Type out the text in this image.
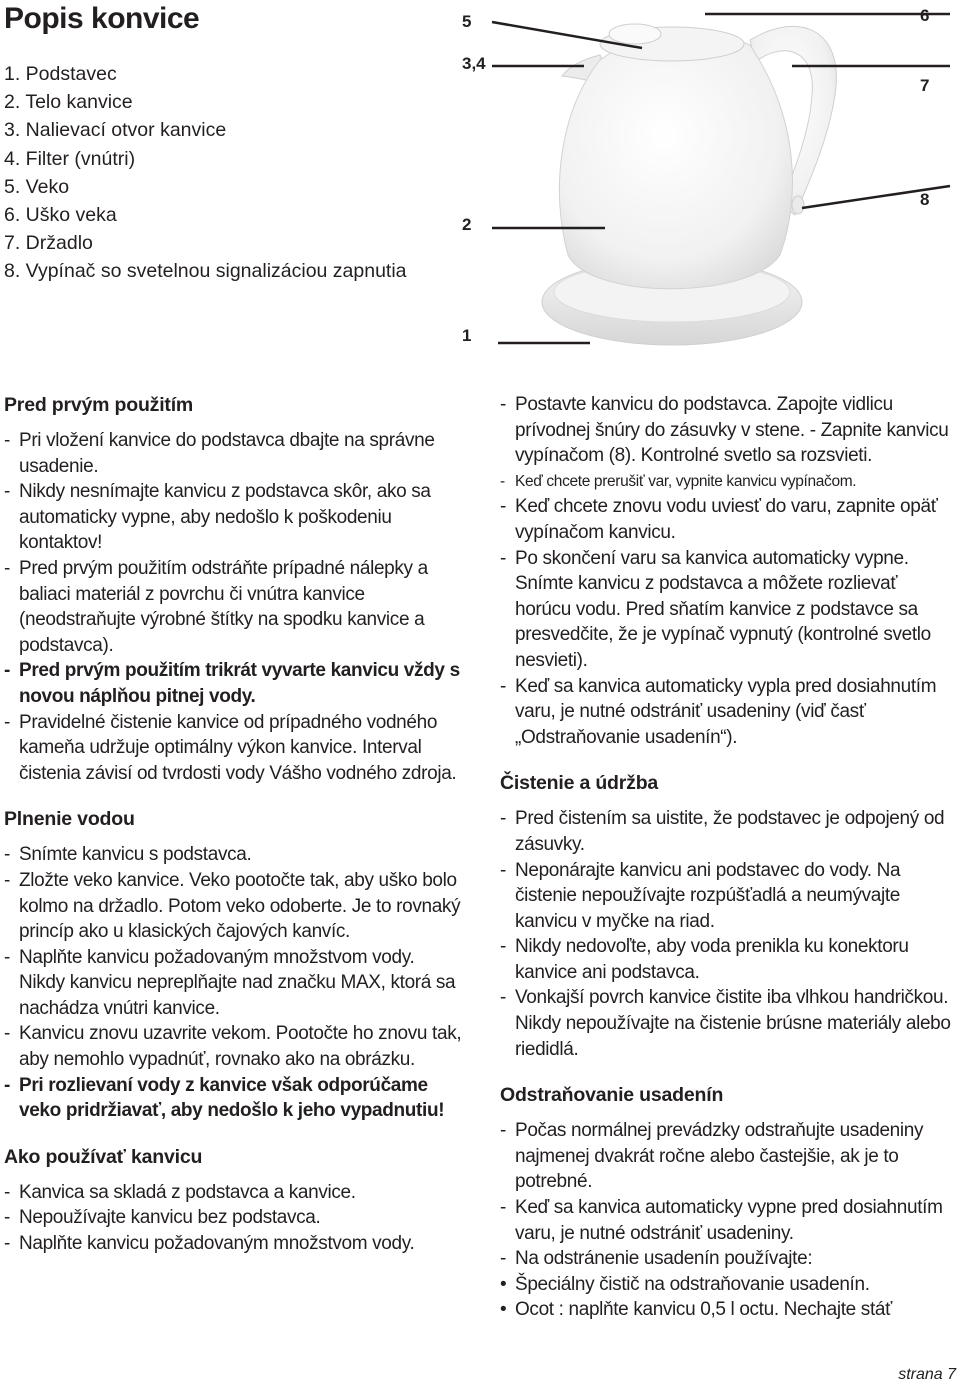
Popis konvice
1. Podstavec
2. Telo kanvice
3. Nalievací otvor kanvice
4. Filter (vnútri)
5. Veko
6. Uško veka
7. Držadlo
8. Vypínač so svetelnou signalizáciou zapnutia
5
3,4
2
1
6
7
8
Pred prvým použitím
- Pri vložení kanvice do podstavca dbajte na správne usadenie.
- Nikdy nesnímajte kanvicu z podstavca skôr, ako sa automaticky vypne, aby nedošlo k poškodeniu kontaktov!
- Pred prvým použitím odstráňte prípadné nálepky a baliaci materiál z povrchu či vnútra kanvice (neodstraňujte výrobné štítky na spodku kanvice a podstavca).
- Pred prvým použitím trikrát vyvarte kanvicu vždy s novou náplňou pitnej vody.
- Pravidelné čistenie kanvice od prípadného vodného kameňa udržuje optimálny výkon kanvice. Interval čistenia závisí od tvrdosti vody Vášho vodného zdroja.
Plnenie vodou
- Snímte kanvicu s podstavca.
- Zložte veko kanvice. Veko pootočte tak, aby uško bolo kolmo na držadlo. Potom veko odoberte. Je to rovnaký princíp ako u klasických čajových kanvíc.
- Naplňte kanvicu požadovaným množstvom vody. Nikdy kanvicu nepreplňajte nad značku MAX, ktorá sa nachádza vnútri kanvice.
- Kanvicu znovu uzavrite vekom. Pootočte ho znovu tak, aby nemohlo vypadnúť, rovnako ako na obrázku.
- Pri rozlievaní vody z kanvice však odporúčame veko pridržiavať, aby nedošlo k jeho vypadnutiu!
Ako používať kanvicu
- Kanvica sa skladá z podstavca a kanvice.
- Nepoužívajte kanvicu bez podstavca.
- Naplňte kanvicu požadovaným množstvom vody.
- Postavte kanvicu do podstavca. Zapojte vidlicu prívodnej šnúry do zásuvky v stene. - Zapnite kanvicu vypínačom (8). Kontrolné svetlo sa rozsvieti.
- Keď chcete prerušiť var, vypnite kanvicu vypínačom.
- Keď chcete znovu vodu uviesť do varu, zapnite opäť vypínačom kanvicu.
- Po skončení varu sa kanvica automaticky vypne. Snímte kanvicu z podstavca a môžete rozlievať horúcu vodu. Pred sňatím kanvice z podstavce sa presvedčite, že je vypínač vypnutý (kontrolné svetlo nesvieti).
- Keď sa kanvica automaticky vypla pred dosiahnutím varu, je nutné odstrániť usadeniny (viď časť „Odstraňovanie usadenín“).
Čistenie a údržba
- Pred čistením sa uistite, že podstavec je odpojený od zásuvky.
- Neponárajte kanvicu ani podstavec do vody. Na čistenie nepoužívajte rozpúšťadlá a neumývajte kanvicu v myčke na riad.
- Nikdy nedovoľte, aby voda prenikla ku konektoru kanvice ani podstavca.
- Vonkajší povrch kanvice čistite iba vlhkou handričkou. Nikdy nepoužívajte na čistenie brúsne materiály alebo riedidlá.
Odstraňovanie usadenín
- Počas normálnej prevádzky odstraňujte usadeniny najmenej dvakrát ročne alebo častejšie, ak je to potrebné.
- Keď sa kanvica automaticky vypne pred dosiahnutím varu, je nutné odstrániť usadeniny.
- Na odstránenie usadenín používajte:
• Špeciálny čistič na odstraňovanie usadenín.
• Ocot : naplňte kanvicu 0,5 l octu. Nechajte stáť
strana 7
